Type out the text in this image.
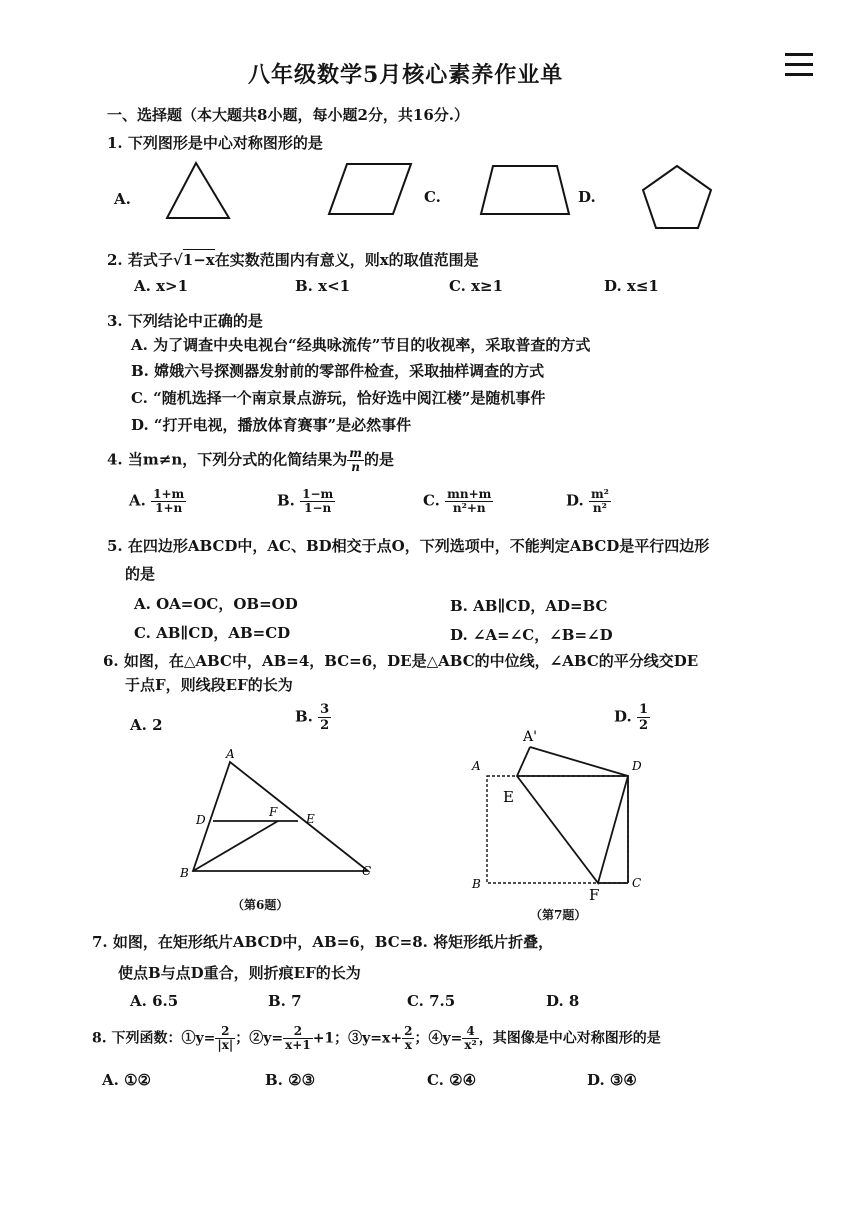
八年级数学5月核心素养作业单
一、选择题（本大题共8小题，每小题2分，共16分.）
1. 下列图形是中心对称图形的是
A.	C.	D.
2. 若式子√1−x在实数范围内有意义，则x的取值范围是
A. x>1	B. x<1	C. x≥1	D. x≤1
3. 下列结论中正确的是
A. 为了调查中央电视台“经典咏流传”节目的收视率，采取普查的方式
B. 嫦娥六号探测器发射前的零部件检查，采取抽样调查的方式
C. “随机选择一个南京景点游玩，恰好选中阅江楼”是随机事件
D. “打开电视，播放体育赛事”是必然事件
4. 当m≠n，下列分式的化简结果为 $\frac{m}{n}$ 的是
A. $\frac{1+m}{1+n}$	B. $\frac{1-m}{1-n}$	C. $\frac{mn+m}{\text{n²+n}}$	D. $\frac{\text{m²}}{\text{n²}}$
5. 在四边形ABCD中，AC、BD相交于点O，下列选项中，不能判定ABCD是平行四边形
的是
A. OA=OC，OB=OD	B. AB∥CD，AD=BC
C. AB∥CD，AB=CD	D. ∠A=∠C，∠B=∠D
6. 如图，在△ABC中，AB=4，BC=6，DE是△ABC的中位线，∠ABC的平分线交DE
于点F，则线段EF的长为
A. 2	B. $\frac{3}{2}$	D. $\frac{1}{2}$
A
B	C
D	E
F
（第6题）
A
A'
B	C
D
E
F
（第7题）
7. 如图，在矩形纸片ABCD中，AB=6，BC=8. 将矩形纸片折叠，
使点B与点D重合，则折痕EF的长为
A. 6.5	B. 7	C. 7.5	D. 8
8. 下列函数：①y= $\frac{2}{|x|}$ ；②y= $\frac{2}{x+1} +1$；③y=x+ $\frac{2}{x}$ ；④y= $\frac{4}{\text{x²}}$ ，其图像是中心对称图形的是
A. ①②	B. ②③	C. ②④	D. ③④
